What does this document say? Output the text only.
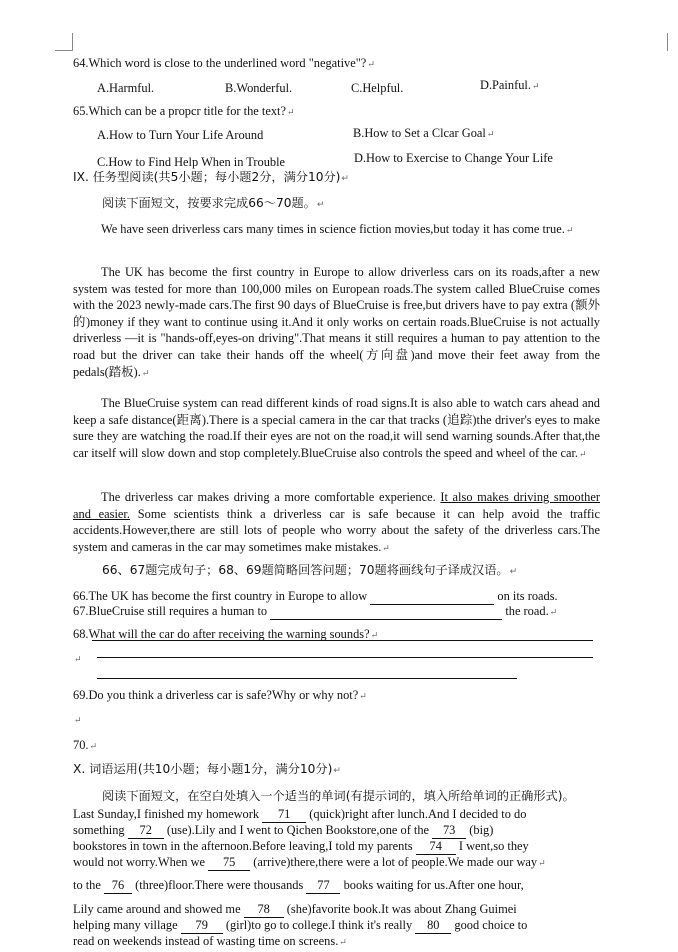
64.Which word is close to the underlined word "negative"?↵
A.Harmful.	B.Wonderful.	C.Helpful.	D.Painful.↵
65.Which can be a propcr title for the text?↵
A.How to Turn Your Life Around	B.How to Set a Clcar Goal↵
C.How to Find Help When in Trouble	D.How to Exercise to Change Your Life
IX. 任务型阅读(共5小题；每小题2分，满分10分)↵
阅读下面短文，按要求完成66～70题。↵
We have seen driverless cars many times in science fiction movies,but today it has come true.↵
The UK has become the first country in Europe to allow driverless cars on its roads,after a new system was tested for more than 100,000 miles on European roads.The system called BlueCruise comes with the 2023 newly-made cars.The first 90 days of BlueCruise is free,but drivers have to pay extra (额外的)money if they want to continue using it.And it only works on certain roads.BlueCruise is not actually driverless —it is "hands-off,eyes-on driving".That means it still requires a human to pay attention to the road but the driver can take their hands off the wheel(方向盘)and move their feet away from the pedals(踏板).↵
The BlueCruise system can read different kinds of road signs.It is also able to watch cars ahead and keep a safe distance(距离).There is a special camera in the car that tracks (追踪)the driver's eyes to make sure they are watching the road.If their eyes are not on the road,it will send warning sounds.After that,the car itself will slow down and stop completely.BlueCruise also controls the speed and wheel of the car.↵
The driverless car makes driving a more comfortable experience. It also makes driving smoother and easier. Some scientists think a driverless car is safe because it can help avoid the traffic accidents.However,there are still lots of people who worry about the safety of the driverless cars.The system and cameras in the car may sometimes make mistakes.↵
66、67题完成句子；68、69题简略回答问题；70题将画线句子译成汉语。↵
66.The UK has become the first country in Europe to allow	on its roads.
67.BlueCruise still requires a human to	the road.↵
68.What will the car do after receiving the warning sounds?↵
↵
69.Do you think a driverless car is safe?Why or why not?↵
↵
70.↵
X. 词语运用(共10小题；每小题1分，满分10分)↵
阅读下面短文，在空白处填入一个适当的单词(有提示词的，填入所给单词的正确形式)。
Last Sunday,I finished my homework 71 (quick)right after lunch.And I decided to do
something 72 (use).Lily and I went to Qichen Bookstore,one of the 73 (big)
bookstores in town in the afternoon.Before leaving,I told my parents 74 I went,so they
would not worry.When we 75 (arrive)there,there were a lot of people.We made our way↵
to the 76 (three)floor.There were thousands 77 books waiting for us.After one hour,
Lily came around and showed me 78 (she)favorite book.It was about Zhang Guimei
helping many village 79 (girl)to go to college.I think it's really 80 good choice to
read on weekends instead of wasting time on screens.↵
